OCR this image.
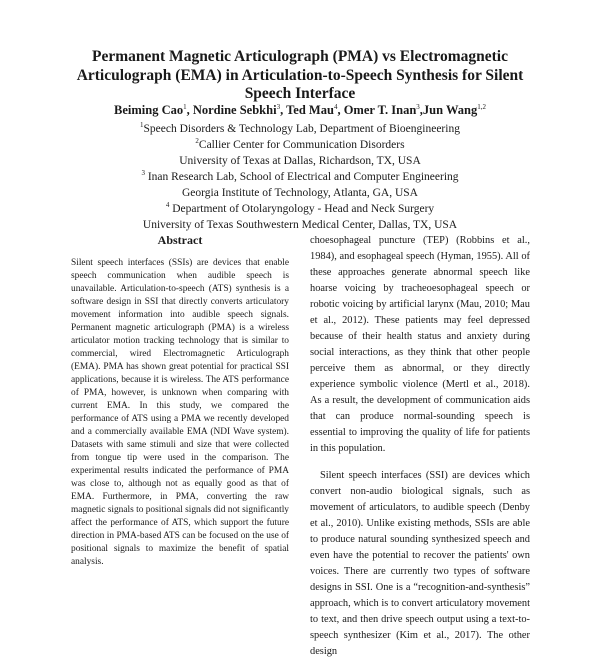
Permanent Magnetic Articulograph (PMA) vs Electromagnetic
Articulograph (EMA) in Articulation-to-Speech Synthesis for Silent
Speech Interface
Beiming Cao$^1$, Nordine Sebkhi$^3$, Ted Mau$^4$, Omer T. Inan$^3$,Jun Wang$^{1,2}$
$^1$Speech Disorders & Technology Lab, Department of Bioengineering
$^2$Callier Center for Communication Disorders
University of Texas at Dallas, Richardson, TX, USA
$^3$ Inan Research Lab, School of Electrical and Computer Engineering
Georgia Institute of Technology, Atlanta, GA, USA
$^4$ Department of Otolaryngology - Head and Neck Surgery
University of Texas Southwestern Medical Center, Dallas, TX, USA
Abstract
Silent speech interfaces (SSIs) are devices that enable speech communication when audible speech is unavailable. Articulation-to-speech (ATS) synthesis is a software design in SSI that directly converts articulatory movement information into audible speech signals. Permanent magnetic articulograph (PMA) is a wireless articulator motion tracking technology that is similar to commercial, wired Electromagnetic Articulograph (EMA). PMA has shown great potential for practical SSI applications, because it is wireless. The ATS performance of PMA, however, is unknown when comparing with current EMA. In this study, we compared the performance of ATS using a PMA we recently developed and a commercially available EMA (NDI Wave system). Datasets with same stimuli and size that were collected from tongue tip were used in the comparison. The experimental results indicated the performance of PMA was close to, although not as equally good as that of EMA. Furthermore, in PMA, converting the raw magnetic signals to positional signals did not significantly affect the performance of ATS, which support the future direction in PMA-based ATS can be focused on the use of positional signals to maximize the benefit of spatial analysis.

choesophageal puncture (TEP) (Robbins et al., 1984), and esophageal speech (Hyman, 1955). All of these approaches generate abnormal speech like hoarse voicing by tracheoesophageal speech or robotic voicing by artificial larynx (Mau, 2010; Mau et al., 2012). These patients may feel depressed because of their health status and anxiety during social interactions, as they think that other people perceive them as abnormal, or they directly experience symbolic violence (Mertl et al., 2018). As a result, the development of communication aids that can produce normal-sounding speech is essential to improving the quality of life for patients in this population.

Silent speech interfaces (SSI) are devices which convert non-audio biological signals, such as movement of articulators, to audible speech (Denby et al., 2010). Unlike existing methods, SSIs are able to produce natural sounding synthesized speech and even have the potential to recover the patients' own voices. There are currently two types of software designs in SSI. One is a “recognition-and-synthesis” approach, which is to convert articulatory movement to text, and then drive speech output using a text-to-speech synthesizer (Kim et al., 2017). The other design
